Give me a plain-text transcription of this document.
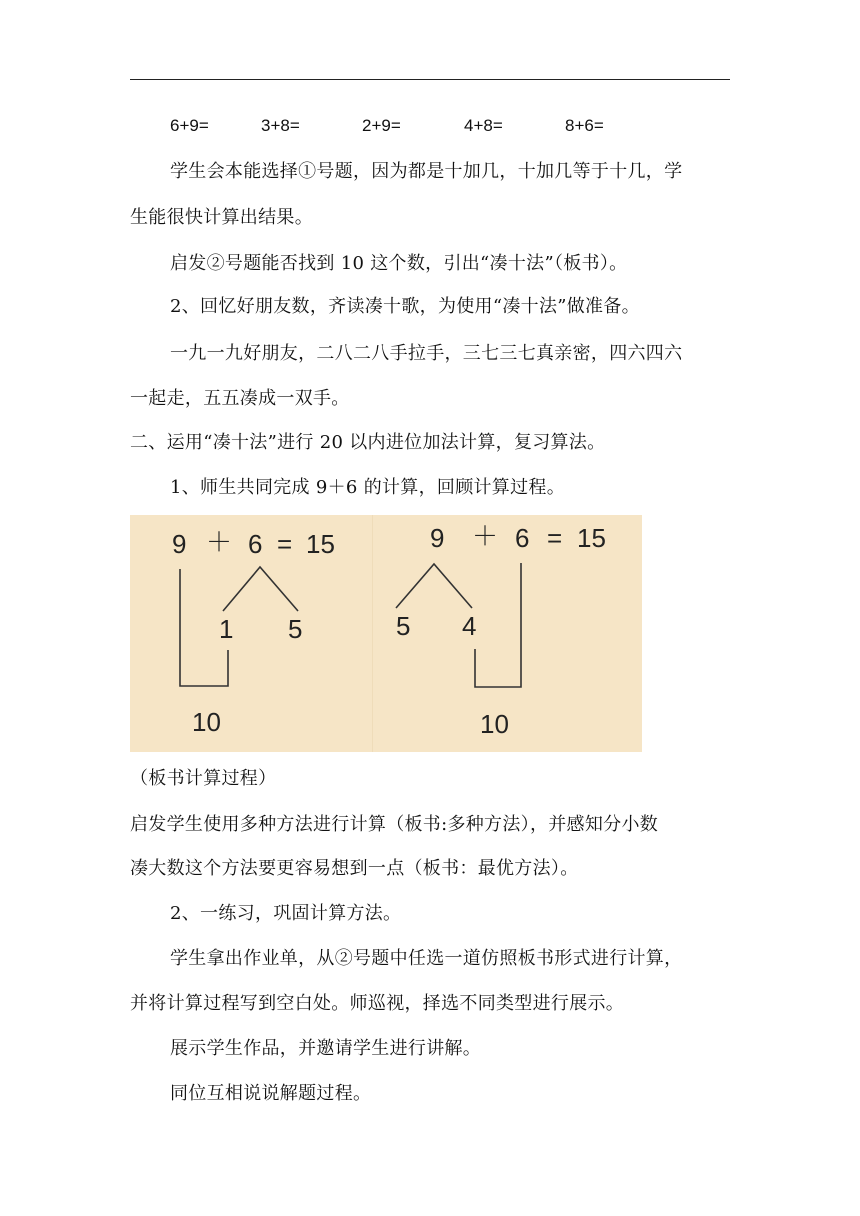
6+9=	3+8=	2+9=	4+8=	8+6=
学生会本能选择①号题，因为都是十加几，十加几等于十几，学
生能很快计算出结果。
启发②号题能否找到 10 这个数，引出“凑十法”（板书）。
2、回忆好朋友数，齐读凑十歌，为使用“凑十法”做准备。
一九一九好朋友，二八二八手拉手，三七三七真亲密，四六四六
一起走，五五凑成一双手。
二、运用“凑十法”进行 20 以内进位加法计算，复习算法。
1、师生共同完成 9＋6 的计算，回顾计算过程。
9 ＋ 6 = 15
1 5
10
9 ＋ 6 = 15
5 4
10
（板书计算过程）
启发学生使用多种方法进行计算（板书:多种方法），并感知分小数
凑大数这个方法要更容易想到一点（板书：最优方法）。
2、一练习，巩固计算方法。
学生拿出作业单，从②号题中任选一道仿照板书形式进行计算，
并将计算过程写到空白处。师巡视，择选不同类型进行展示。
展示学生作品，并邀请学生进行讲解。
同位互相说说解题过程。
